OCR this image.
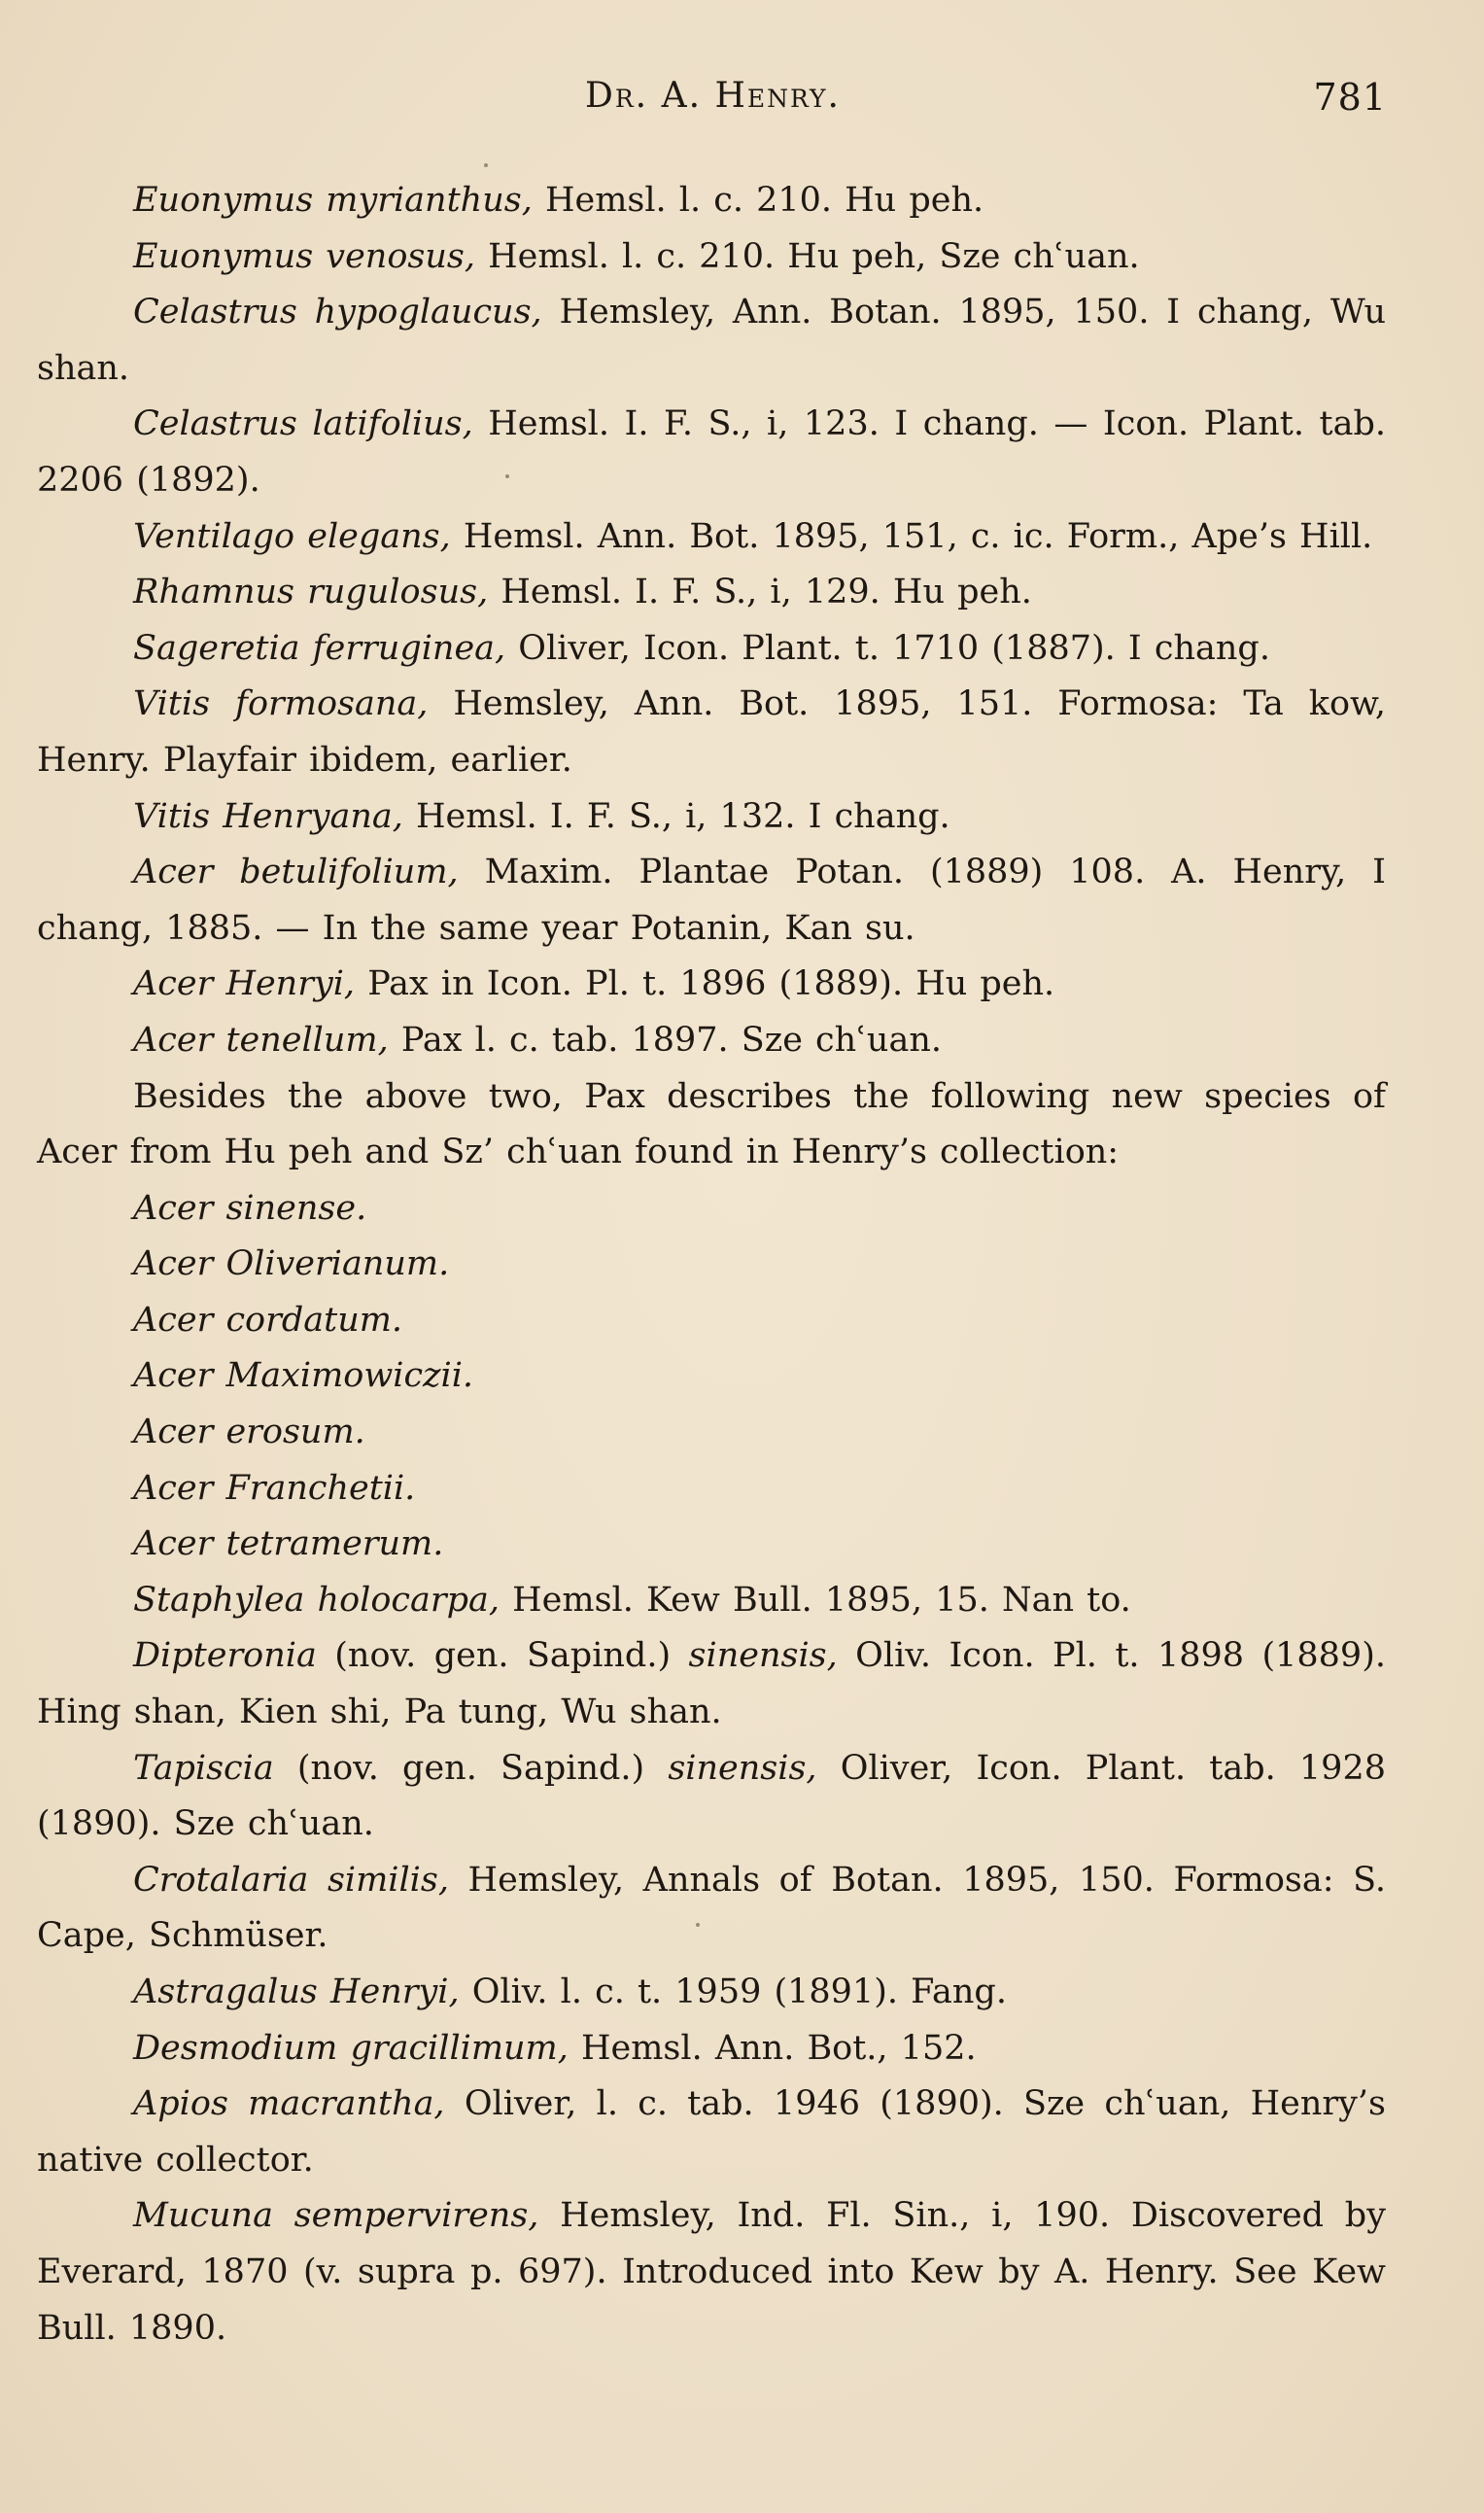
Dr. A. Henry.	781
Euonymus myrianthus, Hemsl. l. c. 210. Hu peh.
Euonymus venosus, Hemsl. l. c. 210. Hu peh, Sze chʿuan.
Celastrus hypoglaucus, Hemsley, Ann. Botan. 1895, 150. I chang, Wu shan.
Celastrus latifolius, Hemsl. I. F. S., i, 123. I chang. — Icon. Plant. tab. 2206 (1892).
Ventilago elegans, Hemsl. Ann. Bot. 1895, 151, c. ic. Form., Ape’s Hill.
Rhamnus rugulosus, Hemsl. I. F. S., i, 129. Hu peh.
Sageretia ferruginea, Oliver, Icon. Plant. t. 1710 (1887). I chang.
Vitis formosana, Hemsley, Ann. Bot. 1895, 151. Formosa: Ta kow, Henry. Playfair ibidem, earlier.
Vitis Henryana, Hemsl. I. F. S., i, 132. I chang.
Acer betulifolium, Maxim. Plantae Potan. (1889) 108. A. Henry, I chang, 1885. — In the same year Potanin, Kan su.
Acer Henryi, Pax in Icon. Pl. t. 1896 (1889). Hu peh.
Acer tenellum, Pax l. c. tab. 1897. Sze chʿuan.
Besides the above two, Pax describes the following new species of Acer from Hu peh and Sz’ chʿuan found in Henry’s collection:
Acer sinense.
Acer Oliverianum.
Acer cordatum.
Acer Maximowiczii.
Acer erosum.
Acer Franchetii.
Acer tetramerum.
Staphylea holocarpa, Hemsl. Kew Bull. 1895, 15. Nan to.
Dipteronia (nov. gen. Sapind.) sinensis, Oliv. Icon. Pl. t. 1898 (1889). Hing shan, Kien shi, Pa tung, Wu shan.
Tapiscia (nov. gen. Sapind.) sinensis, Oliver, Icon. Plant. tab. 1928 (1890). Sze chʿuan.
Crotalaria similis, Hemsley, Annals of Botan. 1895, 150. Formosa: S. Cape, Schmüser.
Astragalus Henryi, Oliv. l. c. t. 1959 (1891). Fang.
Desmodium gracillimum, Hemsl. Ann. Bot., 152.
Apios macrantha, Oliver, l. c. tab. 1946 (1890). Sze chʿuan, Henry’s native collector.
Mucuna sempervirens, Hemsley, Ind. Fl. Sin., i, 190. Discovered by Everard, 1870 (v. supra p. 697). Introduced into Kew by A. Henry. See Kew Bull. 1890.
